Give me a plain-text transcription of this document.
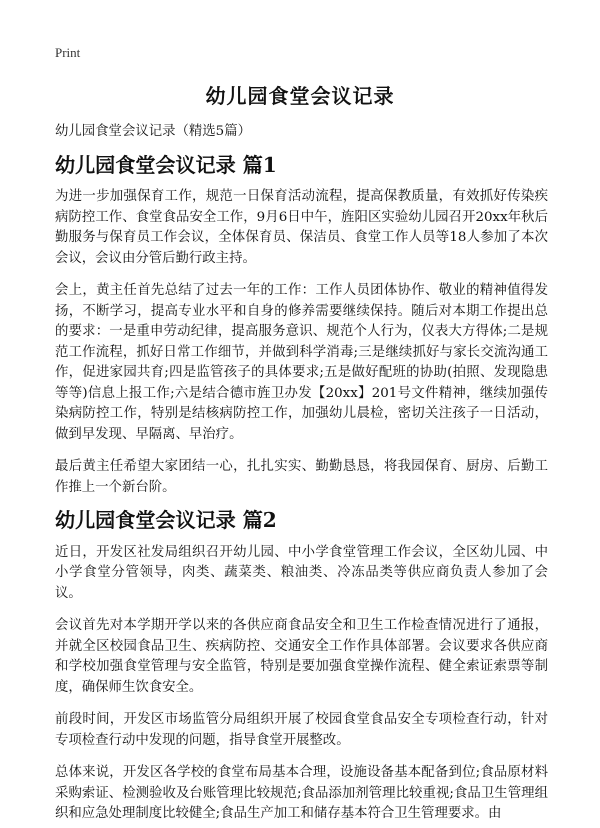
Print
幼儿园食堂会议记录

幼儿园食堂会议记录（精选5篇）

幼儿园食堂会议记录 篇1

为进一步加强保育工作，规范一日保育活动流程，提高保教质量，有效抓好传染疾病防控工作、食堂食品安全工作，9月6日中午，旌阳区实验幼儿园召开20xx年秋后勤服务与保育员工作会议，全体保育员、保洁员、食堂工作人员等18人参加了本次会议，会议由分管后勤行政主持。

会上，黄主任首先总结了过去一年的工作：工作人员团体协作、敬业的精神值得发扬，不断学习，提高专业水平和自身的修养需要继续保持。随后对本期工作提出总的要求：一是重申劳动纪律，提高服务意识、规范个人行为，仪表大方得体;二是规范工作流程，抓好日常工作细节，并做到科学消毒;三是继续抓好与家长交流沟通工作，促进家园共育;四是监管孩子的具体要求;五是做好配班的协助(拍照、发现隐患等等)信息上报工作;六是结合德市旌卫办发【20xx】201号文件精神，继续加强传染病防控工作，特别是结核病防控工作，加强幼儿晨检，密切关注孩子一日活动，做到早发现、早隔离、早治疗。

最后黄主任希望大家团结一心，扎扎实实、勤勤恳恳，将我园保育、厨房、后勤工作推上一个新台阶。

幼儿园食堂会议记录 篇2

近日，开发区社发局组织召开幼儿园、中小学食堂管理工作会议，全区幼儿园、中小学食堂分管领导，肉类、蔬菜类、粮油类、冷冻品类等供应商负责人参加了会议。

会议首先对本学期开学以来的各供应商食品安全和卫生工作检查情况进行了通报，并就全区校园食品卫生、疾病防控、交通安全工作作具体部署。会议要求各供应商和学校加强食堂管理与安全监管，特别是要加强食堂操作流程、健全索证索票等制度，确保师生饮食安全。

前段时间，开发区市场监管分局组织开展了校园食堂食品安全专项检查行动，针对专项检查行动中发现的问题，指导食堂开展整改。

总体来说，开发区各学校的食堂布局基本合理，设施设备基本配备到位;食品原材料采购索证、检测验收及台账管理比较规范;食品添加剂管理比较重视;食品卫生管理组织和应急处理制度比较健全;食品生产加工和储存基本符合卫生管理要求。由
